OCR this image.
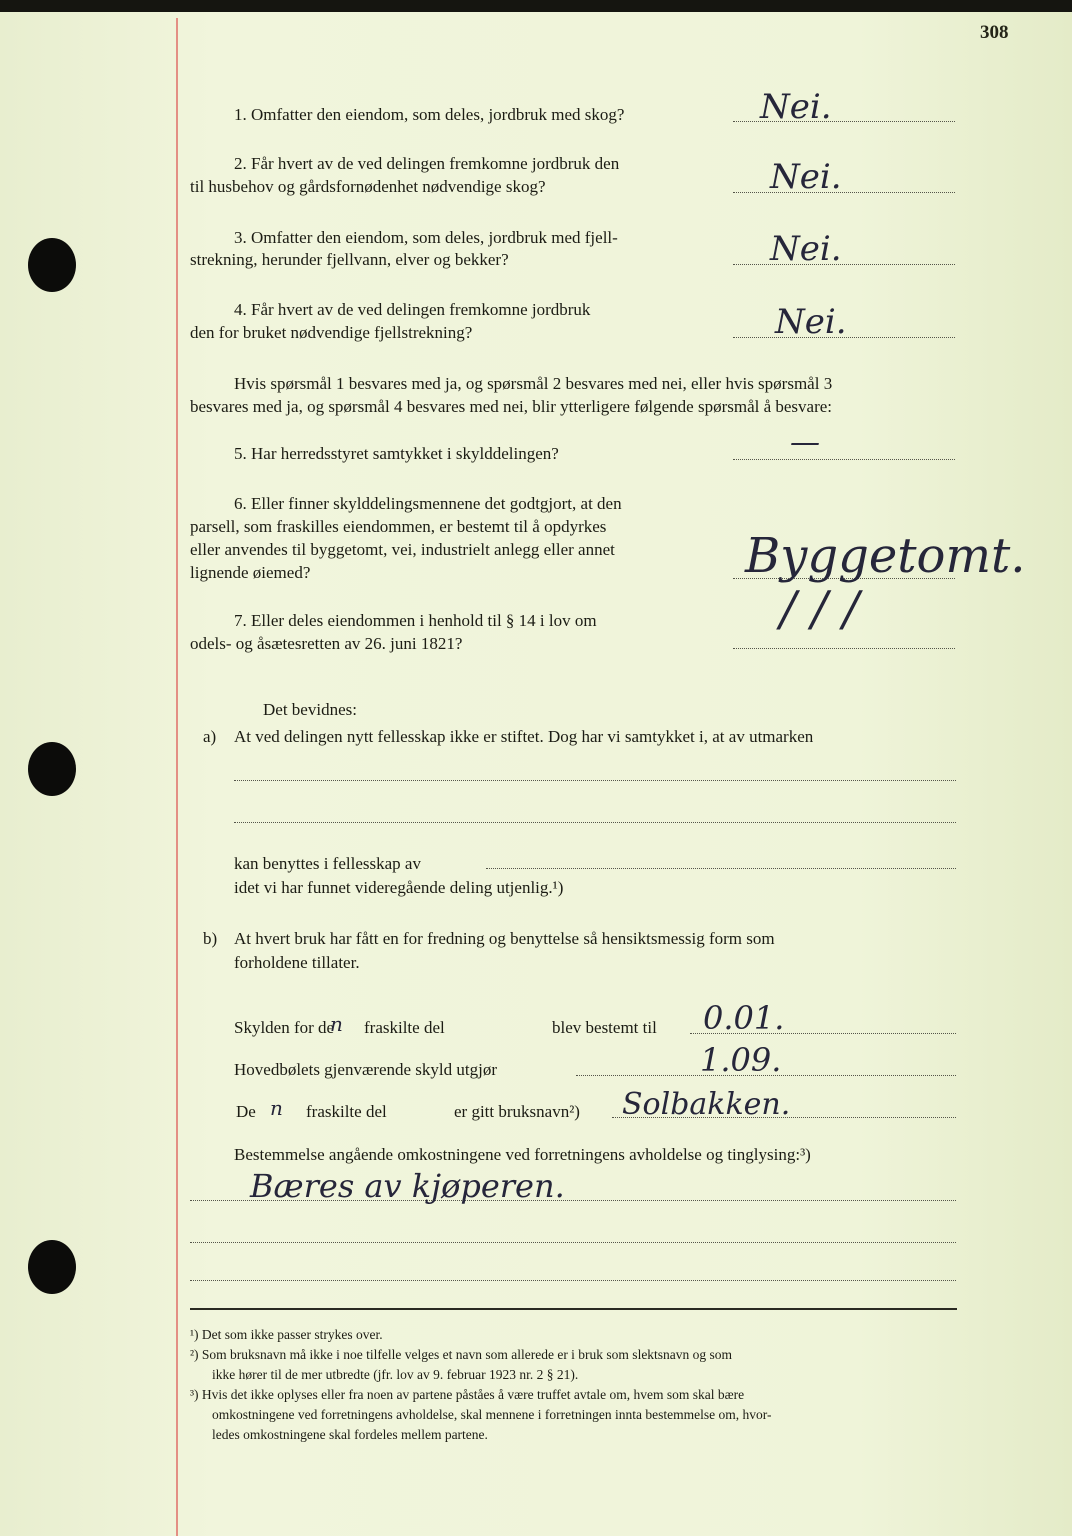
308
1. Omfatter den eiendom, som deles, jordbruk med skog?	Nei.
2. Får hvert av de ved delingen fremkomne jordbruk den
til husbehov og gårdsfornødenhet nødvendige skog?	Nei.
3. Omfatter den eiendom, som deles, jordbruk med fjell-
strekning, herunder fjellvann, elver og bekker?	Nei.
4. Får hvert av de ved delingen fremkomne jordbruk
den for bruket nødvendige fjellstrekning?	Nei.
Hvis spørsmål 1 besvares med ja, og spørsmål 2 besvares med nei, eller hvis spørsmål 3
besvares med ja, og spørsmål 4 besvares med nei, blir ytterligere følgende spørsmål å besvare:
5. Har herredsstyret samtykket i skylddelingen?	—
6. Eller finner skylddelingsmennene det godtgjort, at den
parsell, som fraskilles eiendommen, er bestemt til å opdyrkes
eller anvendes til byggetomt, vei, industrielt anlegg eller annet
lignende øiemed?	Byggetomt.
7. Eller deles eiendommen i henhold til § 14 i lov om
odels- og åsætesretten av 26. juni 1821?
/ / /
Det bevidnes:
a) At ved delingen nytt fellesskap ikke er stiftet. Dog har vi samtykket i, at av utmarken
kan benyttes i fellesskap av
idet vi har funnet videregående deling utjenlig.¹)
b) At hvert bruk har fått en for fredning og benyttelse så hensiktsmessig form som
forholdene tillater.
Skylden for de
n fraskilte del	blev bestemt til 0.01.
Hovedbølets gjenværende skyld utgjør	1.09.
De n fraskilte del	er gitt bruksnavn²) Solbakken.
Bestemmelse angående omkostningene ved forretningens avholdelse og tinglysing:³)
Bæres av kjøperen.
¹) Det som ikke passer strykes over.
²) Som bruksnavn må ikke i noe tilfelle velges et navn som allerede er i bruk som slektsnavn og som
ikke hører til de mer utbredte (jfr. lov av 9. februar 1923 nr. 2 § 21).
³) Hvis det ikke oplyses eller fra noen av partene påståes å være truffet avtale om, hvem som skal bære
omkostningene ved forretningens avholdelse, skal mennene i forretningen innta bestemmelse om, hvor-
ledes omkostningene skal fordeles mellem partene.
